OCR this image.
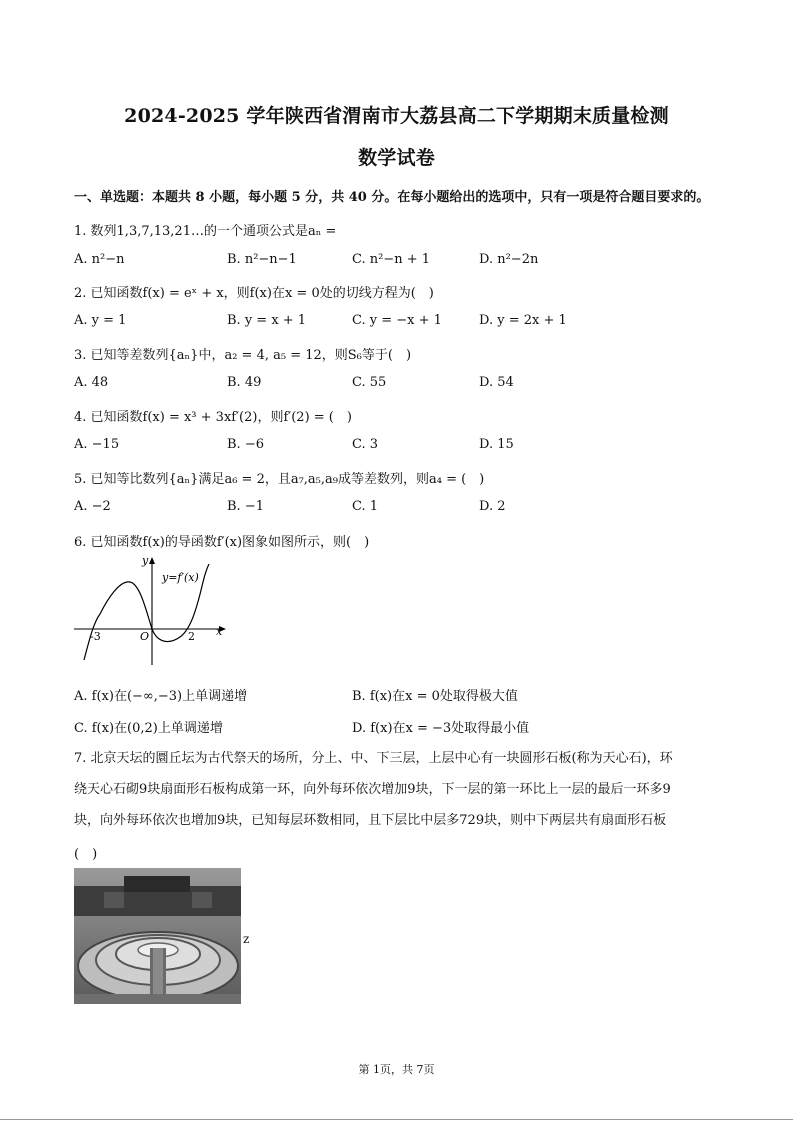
2024-2025 学年陕西省渭南市大荔县高二下学期期末质量检测
数学试卷
一、单选题：本题共 8 小题，每小题 5 分，共 40 分。在每小题给出的选项中，只有一项是符合题目要求的。
1. 数列1,3,7,13,21…的一个通项公式是aₙ =
A. n²−n	B. n²−n−1	C. n²−n + 1	D. n²−2n
2. 已知函数f(x) = eˣ + x，则f(x)在x = 0处的切线方程为(　)
A. y = 1	B. y = x + 1	C. y = −x + 1	D. y = 2x + 1
3. 已知等差数列{aₙ}中，a₂ = 4, a₅ = 12，则S₆等于(　)
A. 48	B. 49	C. 55	D. 54
4. 已知函数f(x) = x³ + 3xf′(2)，则f′(2) = (　)
A. −15	B. −6	C. 3	D. 15
5. 已知等比数列{aₙ}满足a₆ = 2，且a₇,a₅,a₉成等差数列，则a₄ = (　)
A. −2	B. −1	C. 1	D. 2
6. 已知函数f(x)的导函数f′(x)图象如图所示，则(　)
x
y
O
-3	2
y=f′(x)
A. f(x)在(−∞,−3)上单调递增	B. f(x)在x = 0处取得极大值
C. f(x)在(0,2)上单调递增	D. f(x)在x = −3处取得最小值
7. 北京天坛的圜丘坛为古代祭天的场所，分上、中、下三层，上层中心有一块圆形石板(称为天心石)，环
绕天心石砌9块扇面形石板构成第一环，向外每环依次增加9块，下一层的第一环比上一层的最后一环多9
块，向外每环依次也增加9块，已知每层环数相同，且下层比中层多729块，则中下两层共有扇面形石板
(　)
z
第 1页，共 7页
